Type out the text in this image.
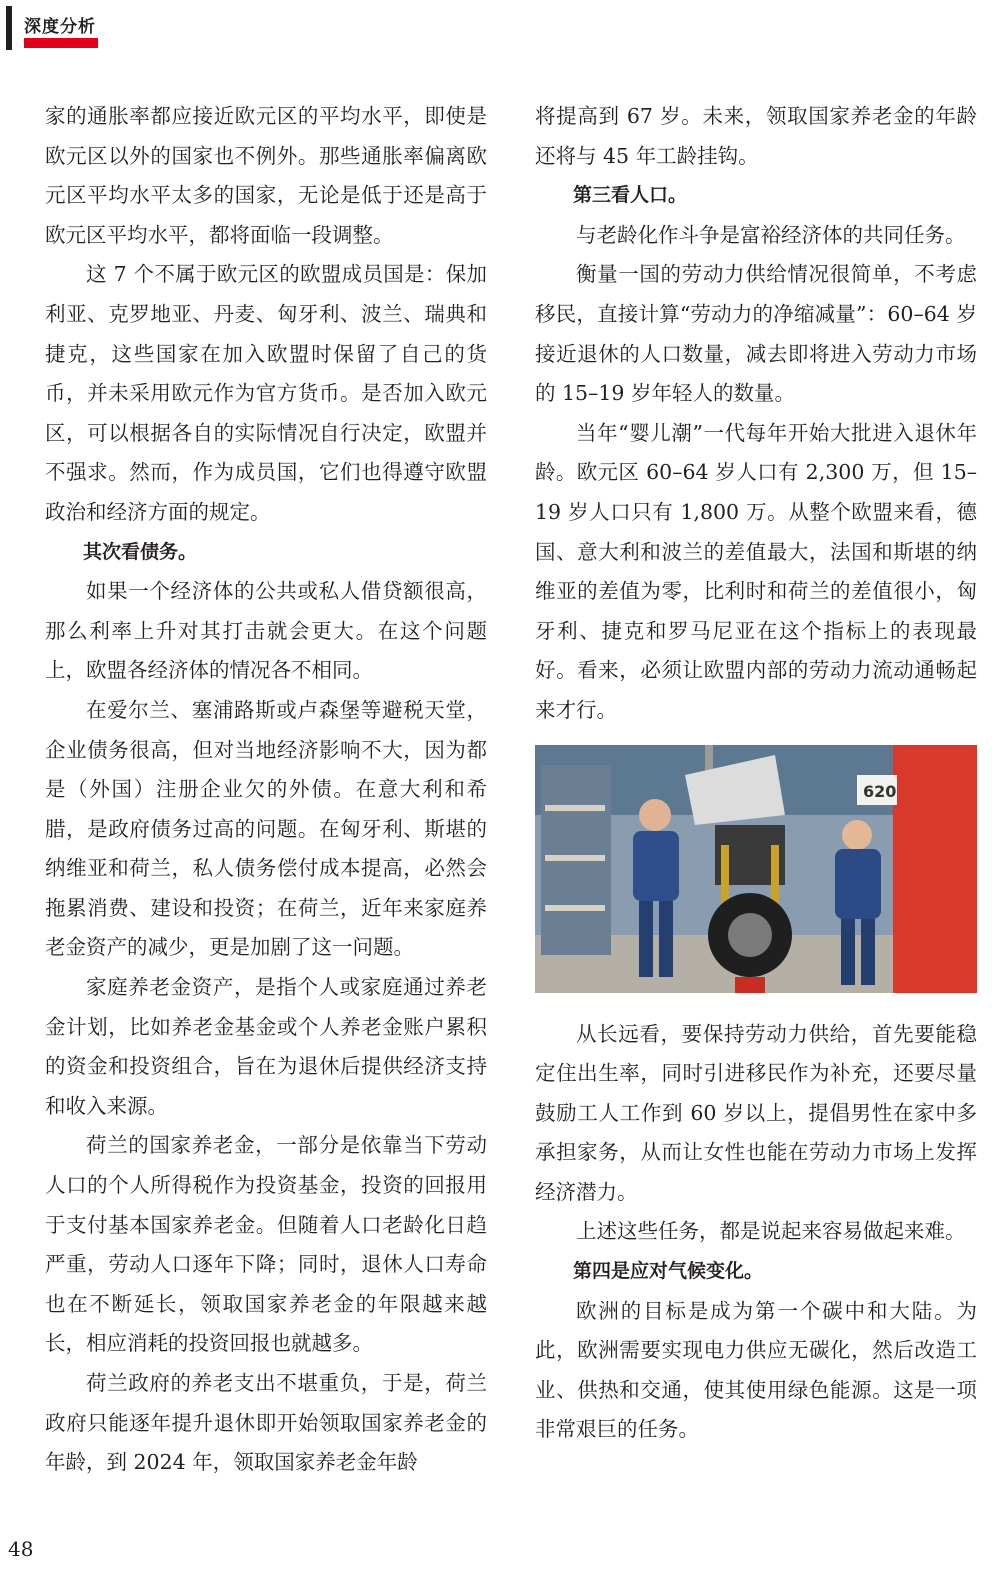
深度分析

家的通胀率都应接近欧元区的平均水平，即使是欧元区以外的国家也不例外。那些通胀率偏离欧元区平均水平太多的国家，无论是低于还是高于欧元区平均水平，都将面临一段调整。

这 7 个不属于欧元区的欧盟成员国是：保加利亚、克罗地亚、丹麦、匈牙利、波兰、瑞典和捷克，这些国家在加入欧盟时保留了自己的货币，并未采用欧元作为官方货币。是否加入欧元区，可以根据各自的实际情况自行决定，欧盟并不强求。然而，作为成员国，它们也得遵守欧盟政治和经济方面的规定。

其次看债务。

如果一个经济体的公共或私人借贷额很高，那么利率上升对其打击就会更大。在这个问题上，欧盟各经济体的情况各不相同。

在爱尔兰、塞浦路斯或卢森堡等避税天堂，企业债务很高，但对当地经济影响不大，因为都是（外国）注册企业欠的外债。在意大利和希腊，是政府债务过高的问题。在匈牙利、斯堪的纳维亚和荷兰，私人债务偿付成本提高，必然会拖累消费、建设和投资；在荷兰，近年来家庭养老金资产的减少，更是加剧了这一问题。

家庭养老金资产，是指个人或家庭通过养老金计划，比如养老金基金或个人养老金账户累积的资金和投资组合，旨在为退休后提供经济支持和收入来源。

荷兰的国家养老金，一部分是依靠当下劳动人口的个人所得税作为投资基金，投资的回报用于支付基本国家养老金。但随着人口老龄化日趋严重，劳动人口逐年下降；同时，退休人口寿命也在不断延长，领取国家养老金的年限越来越长，相应消耗的投资回报也就越多。

荷兰政府的养老支出不堪重负，于是，荷兰政府只能逐年提升退休即开始领取国家养老金的年龄，到 2024 年，领取国家养老金年龄

将提高到 67 岁。未来，领取国家养老金的年龄还将与 45 年工龄挂钩。

第三看人口。

与老龄化作斗争是富裕经济体的共同任务。

衡量一国的劳动力供给情况很简单，不考虑移民，直接计算“劳动力的净缩减量”：60–64 岁接近退休的人口数量，减去即将进入劳动力市场的 15–19 岁年轻人的数量。

当年“婴儿潮”一代每年开始大批进入退休年龄。欧元区 60–64 岁人口有 2,300 万，但 15–19 岁人口只有 1,800 万。从整个欧盟来看，德国、意大利和波兰的差值最大，法国和斯堪的纳维亚的差值为零，比利时和荷兰的差值很小，匈牙利、捷克和罗马尼亚在这个指标上的表现最好。看来，必须让欧盟内部的劳动力流动通畅起来才行。

620

从长远看，要保持劳动力供给，首先要能稳定住出生率，同时引进移民作为补充，还要尽量鼓励工人工作到 60 岁以上，提倡男性在家中多承担家务，从而让女性也能在劳动力市场上发挥经济潜力。

上述这些任务，都是说起来容易做起来难。

第四是应对气候变化。

欧洲的目标是成为第一个碳中和大陆。为此，欧洲需要实现电力供应无碳化，然后改造工业、供热和交通，使其使用绿色能源。这是一项非常艰巨的任务。

48
